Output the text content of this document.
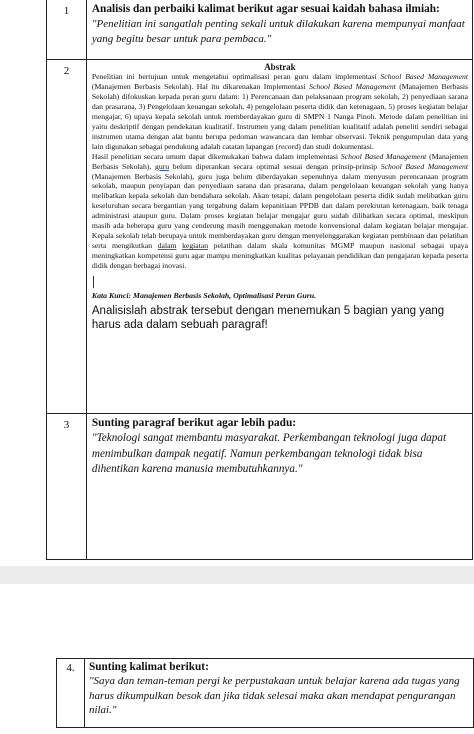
1	Analisis dan perbaiki kalimat berikut agar sesuai kaidah bahasa ilmiah:
"Penelitian ini sangatlah penting sekali untuk dilakukan karena mempunyai manfaat yang begitu besar untuk para pembaca."

2	Abstrak
Penelitian ini bertujuan untuk mengetahui optimalisasi peran guru dalam implementasi School Based Management (Manajemen Berbasis Sekolah). Hal itu dikarenakan Implementasi School Based Management (Manajemen Berbasis Sekolah) difokuskan kepada peran guru dalam: 1) Perencanaan dan pelaksanaan program sekolah, 2) penyediaan sarana dan prasarana, 3) Pengelolaan keuangan sekolah, 4) pengelolaan peserta didik dan ketenagaan, 5) proses kegiatan belajar mengajar, 6) upaya kepala sekolah untuk memberdayakan guru di SMPN 1 Nanga Pinoh. Metode dalam penelitian ini yaitu deskriptif dengan pendekatan kualitatif. Instrumen yang dalam penelitian kualitatif adalah peneliti sendiri sebagai instrumen utama dengan alat bantu berupa pedoman wawancara dan lembar observasi. Teknik pengumpulan data yang lain digunakan sebagai pendukung adalah catatan lapangan (record) dan studi dokumentasi.
Hasil penelitian secara umum dapat dikemukakan bahwa dalam implementasi School Based Management (Manajemen Berbasis Sekolah), guru belum diperankan secara optimal sesuai dengan prinsip-prinsip School Based Management (Manajemen Berbasis Sekolah), guru juga belum diberdayakan sepenuhnya dalam menyusun perencanaan program sekolah, maupun penyiapan dan penyediaan sarana dan prasarana, dalam pengelolaan keuangan sekolah yang hanya melibatkan kepala sekolah dan bendahara sekolah. Akan tetapi, dalam pengelolaan peserta didik sudah melibatkan guru keseluruhan secara bergantian yang tergabung dalam kepanitiaan PPDB dan dalam perekrutan ketenagaan, baik tenaga administrasi ataupun guru. Dalam proses kegiatan belajar mengajar guru sudah dilibatkan secara optimal, meskipun masih ada beberapa guru yang cenderung masih menggunakan metode konvensional dalam kegiatan belajar mengajar. Kepala sekolah telah berupaya untuk memberdayakan guru dengan menyelenggarakan kegiatan pembinaan dan pelatihan serta mengikutkan dalam kegiatan pelatihan dalam skala komunitas MGMP maupun nasional sebagai upaya meningkatkan kompetensi guru agar mampu meningkatkan kualitas pelayanan pendidikan dan pengajaran kepada peserta didik dengan berbagai inovasi.
Kata Kunci: Manajemen Berbasis Sekolah, Optimalisasi Peran Guru.
Analisislah abstrak tersebut dengan menemukan 5 bagian yang yang harus ada dalam sebuah paragraf!

3	Sunting paragraf berikut agar lebih padu:
"Teknologi sangat membantu masyarakat. Perkembangan teknologi juga dapat menimbulkan dampak negatif. Namun perkembangan teknologi tidak bisa dihentikan karena manusia membutuhkannya."
4.	Sunting kalimat berikut:
"Saya dan teman-teman pergi ke perpustakaan untuk belajar karena ada tugas yang harus dikumpulkan besok dan jika tidak selesai maka akan mendapat pengurangan nilai."
